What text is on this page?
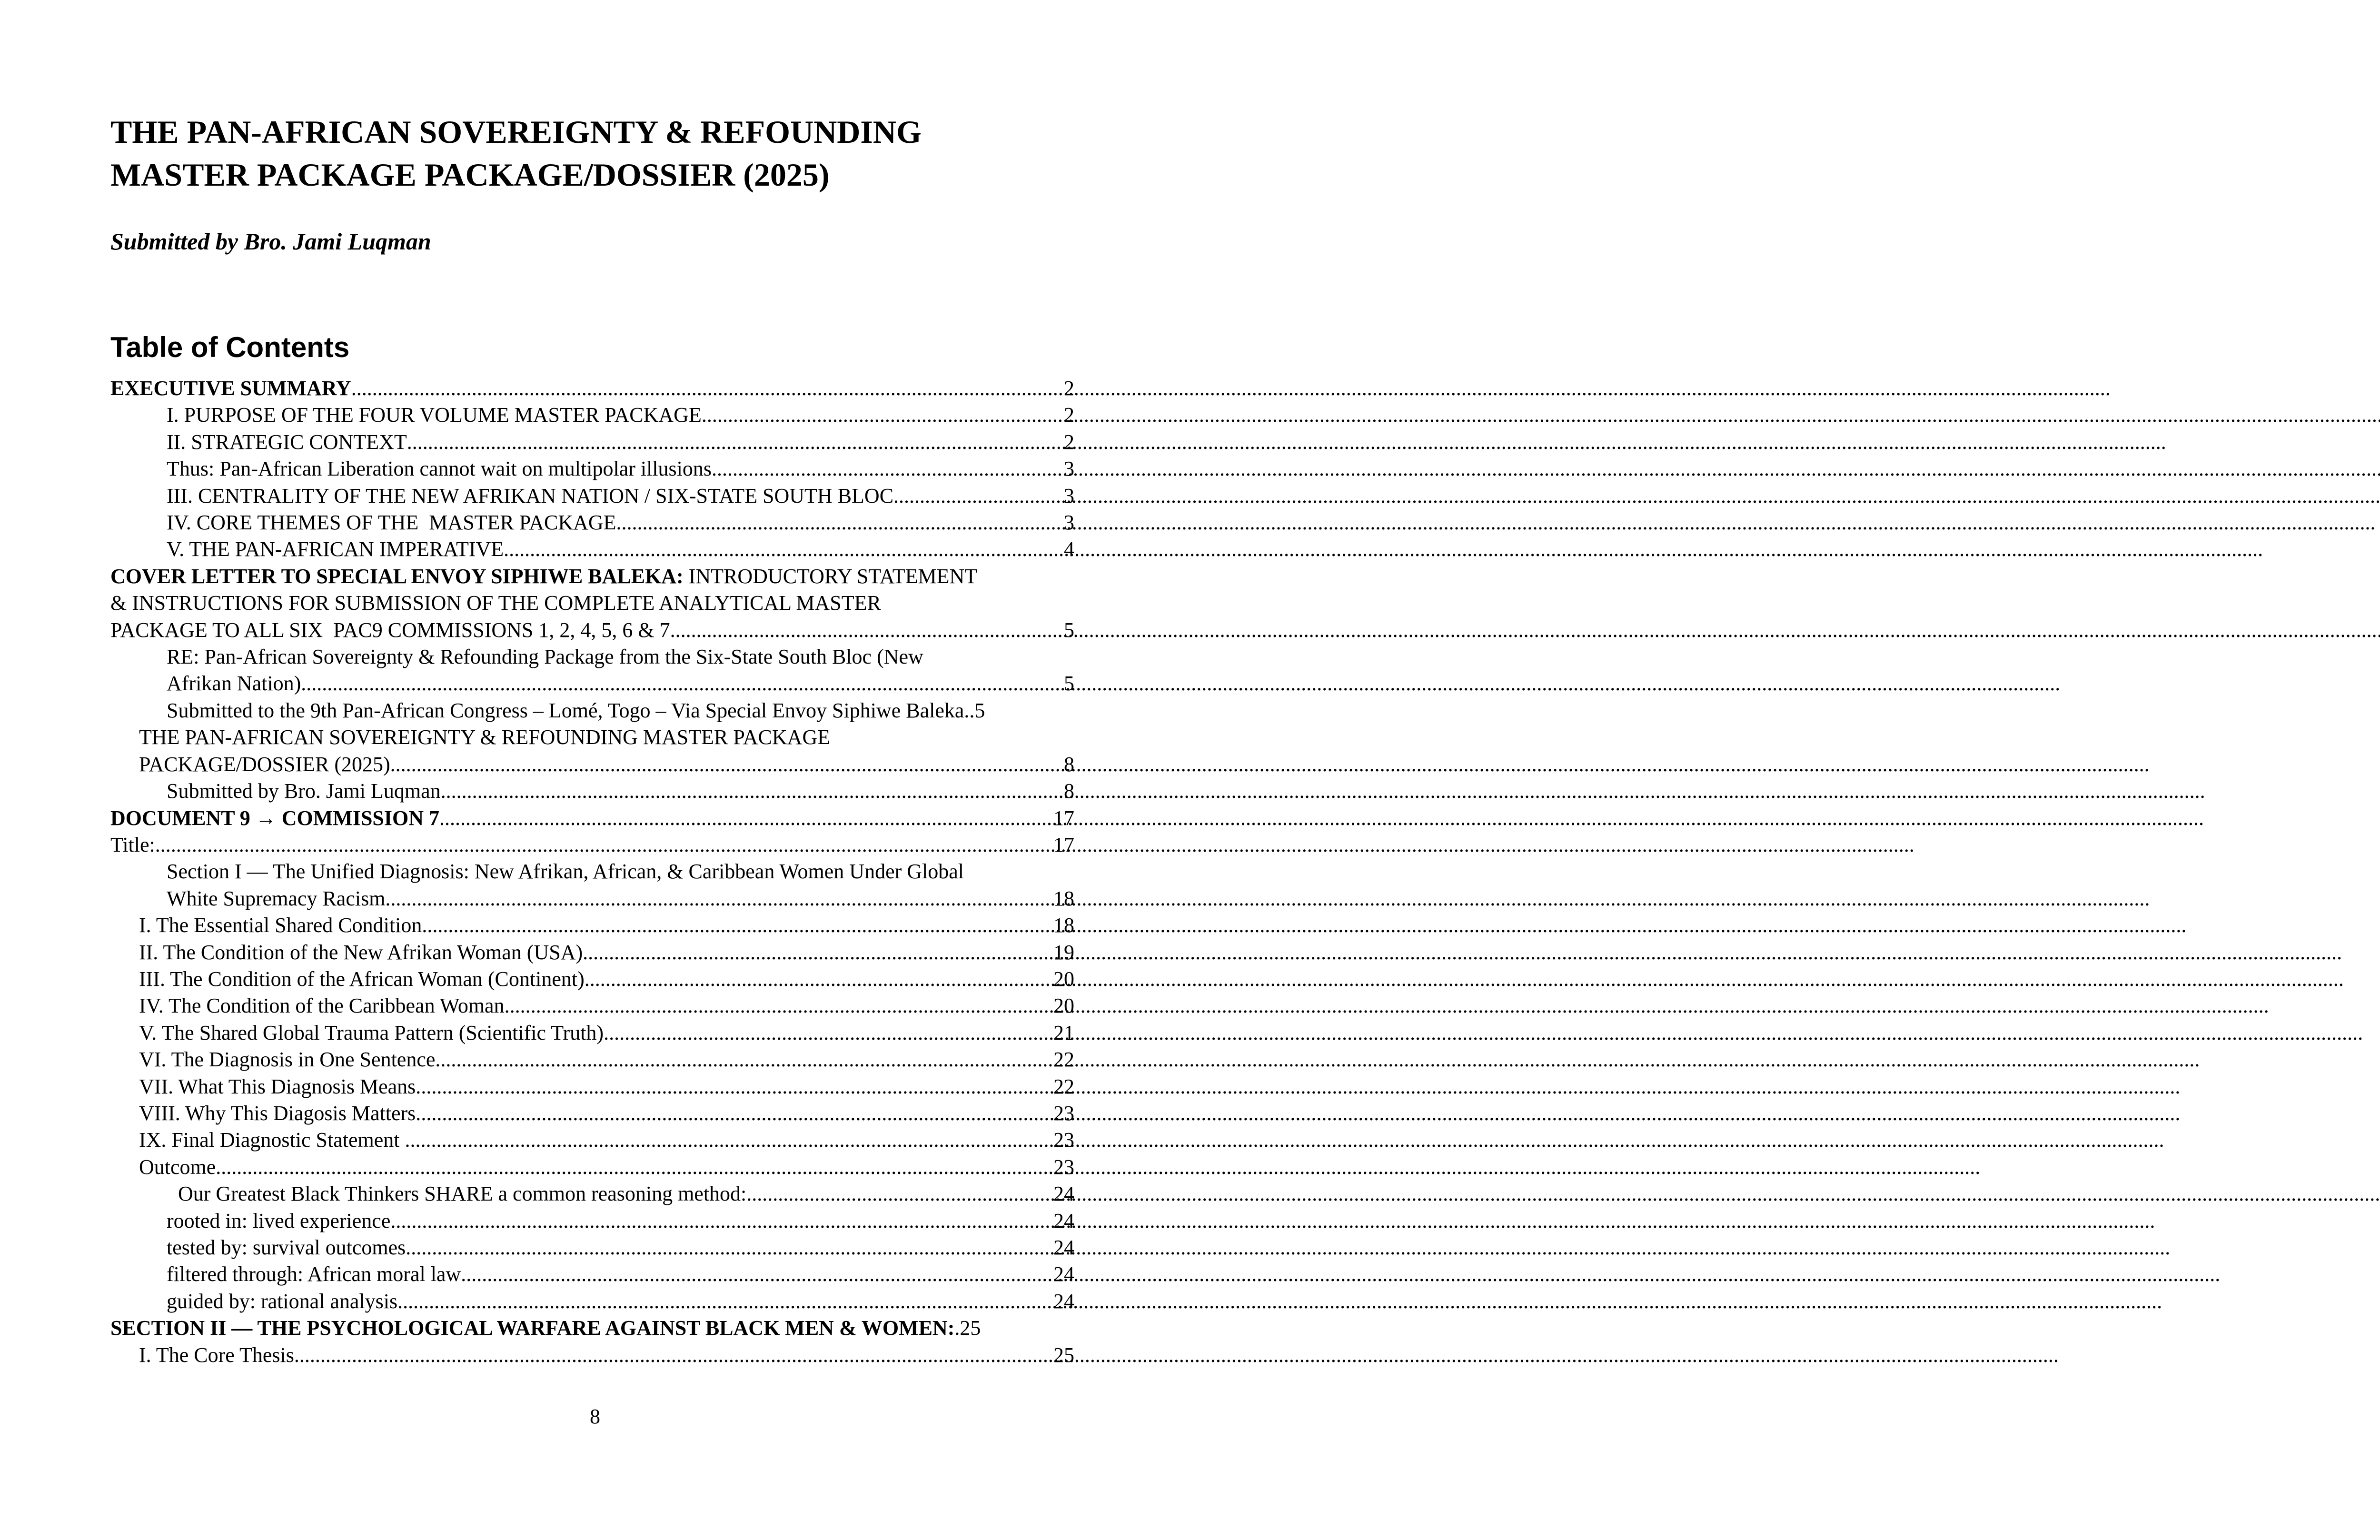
THE PAN-AFRICAN SOVEREIGNTY & REFOUNDING
MASTER PACKAGE PACKAGE/DOSSIER (2025)
Submitted by Bro. Jami Luqman
Table of Contents
EXECUTIVE SUMMARY .....	2
I. PURPOSE OF THE FOUR VOLUME MASTER PACKAGE .....	2
II. STRATEGIC CONTEXT .....	2
Thus: Pan-African Liberation cannot wait on multipolar illusions. .....	3
III. CENTRALITY OF THE NEW AFRIKAN NATION / SIX-STATE SOUTH BLOC .....	3
IV. CORE THEMES OF THE  MASTER PACKAGE .....	3
V. THE PAN-AFRICAN IMPERATIVE .....	4
COVER LETTER TO SPECIAL ENVOY SIPHIWE BALEKA: INTRODUCTORY STATEMENT
& INSTRUCTIONS FOR SUBMISSION OF THE COMPLETE ANALYTICAL MASTER
PACKAGE TO ALL SIX  PAC9 COMMISSIONS 1, 2, 4, 5, 6 & 7. .....	5
RE: Pan-African Sovereignty & Refounding Package from the Six-State South Bloc (New
Afrikan Nation) .....	5
Submitted to the 9th Pan-African Congress – Lomé, Togo – Via Special Envoy Siphiwe Baleka. .5
THE PAN-AFRICAN SOVEREIGNTY & REFOUNDING MASTER PACKAGE
PACKAGE/DOSSIER (2025) .....	8
Submitted by Bro. Jami Luqman. .....	8
DOCUMENT 9 → COMMISSION 7. .....	17
Title: .....	17
Section I — The Unified Diagnosis: New Afrikan, African, & Caribbean Women Under Global
White Supremacy Racism. .....	18
I. The Essential Shared Condition. .....	18
II. The Condition of the New Afrikan Woman (USA) .....	19
III. The Condition of the African Woman (Continent) .....	20
IV. The Condition of the Caribbean Woman. .....	20
V. The Shared Global Trauma Pattern (Scientific Truth) .....	21
VI. The Diagnosis in One Sentence. .....	22
VII. What This Diagnosis Means. .....	22
VIII. Why This Diagosis Matters. .....	23
IX. Final Diagnostic Statement .....	23
Outcome. .....	23
Our Greatest Black Thinkers SHARE a common reasoning method: .....	24
rooted in: lived experience. .....	24
tested by: survival outcomes. .....	24
filtered through: African moral law .....	24
guided by: rational analysis. .....	24
SECTION II — THE PSYCHOLOGICAL WARFARE AGAINST BLACK MEN & WOMEN: .25
I. The Core Thesis. .....	25
8
